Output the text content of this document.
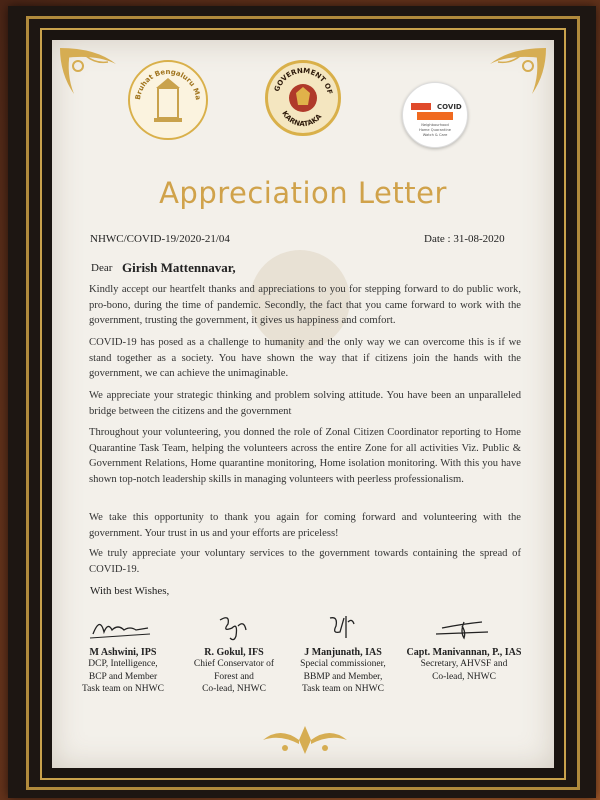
Bruhat Bengaluru Ma
GOVERNMENT OF
KARNATAKA
COVID
Neighbourhood
Home Quarantine
Watch & Care
Appreciation Letter
NHWC/COVID-19/2020-21/04	Date : 31-08-2020
Dear Girish Mattennavar,

Kindly accept our heartfelt thanks and appreciations to you for stepping forward to do public work, pro-bono, during the time of pandemic. Secondly, the fact that you came forward to work with the government, trusting the government, it gives us happiness and comfort.

COVID-19 has posed as a challenge to humanity and the only way we can overcome this is if we stand together as a society. You have shown the way that if citizens join the hands with the government, we can achieve the unimaginable.

We appreciate your strategic thinking and problem solving attitude. You have been an unparalleled bridge between the citizens and the government

Throughout your volunteering, you donned the role of Zonal Citizen Coordinator reporting to Home Quarantine Task Team, helping the volunteers across the entire Zone for all activities Viz. Public & Government Relations, Home quarantine monitoring, Home isolation monitoring. With this you have shown top-notch leadership skills in managing volunteers with peerless professionalism.

We take this opportunity to thank you again for coming forward and volunteering with the government. Your trust in us and your efforts are priceless!

We truly appreciate your voluntary services to the government towards containing the spread of COVID-19.

With best Wishes,
M Ashwini, IPS
DCP, Intelligence,
BCP and Member
Task team on NHWC
R. Gokul, IFS
Chief Conservator of
Forest and
Co-lead, NHWC
J Manjunath, IAS
Special commissioner,
BBMP and Member,
Task team on NHWC
Capt. Manivannan, P., IAS
Secretary, AHVSF and
Co-lead, NHWC
